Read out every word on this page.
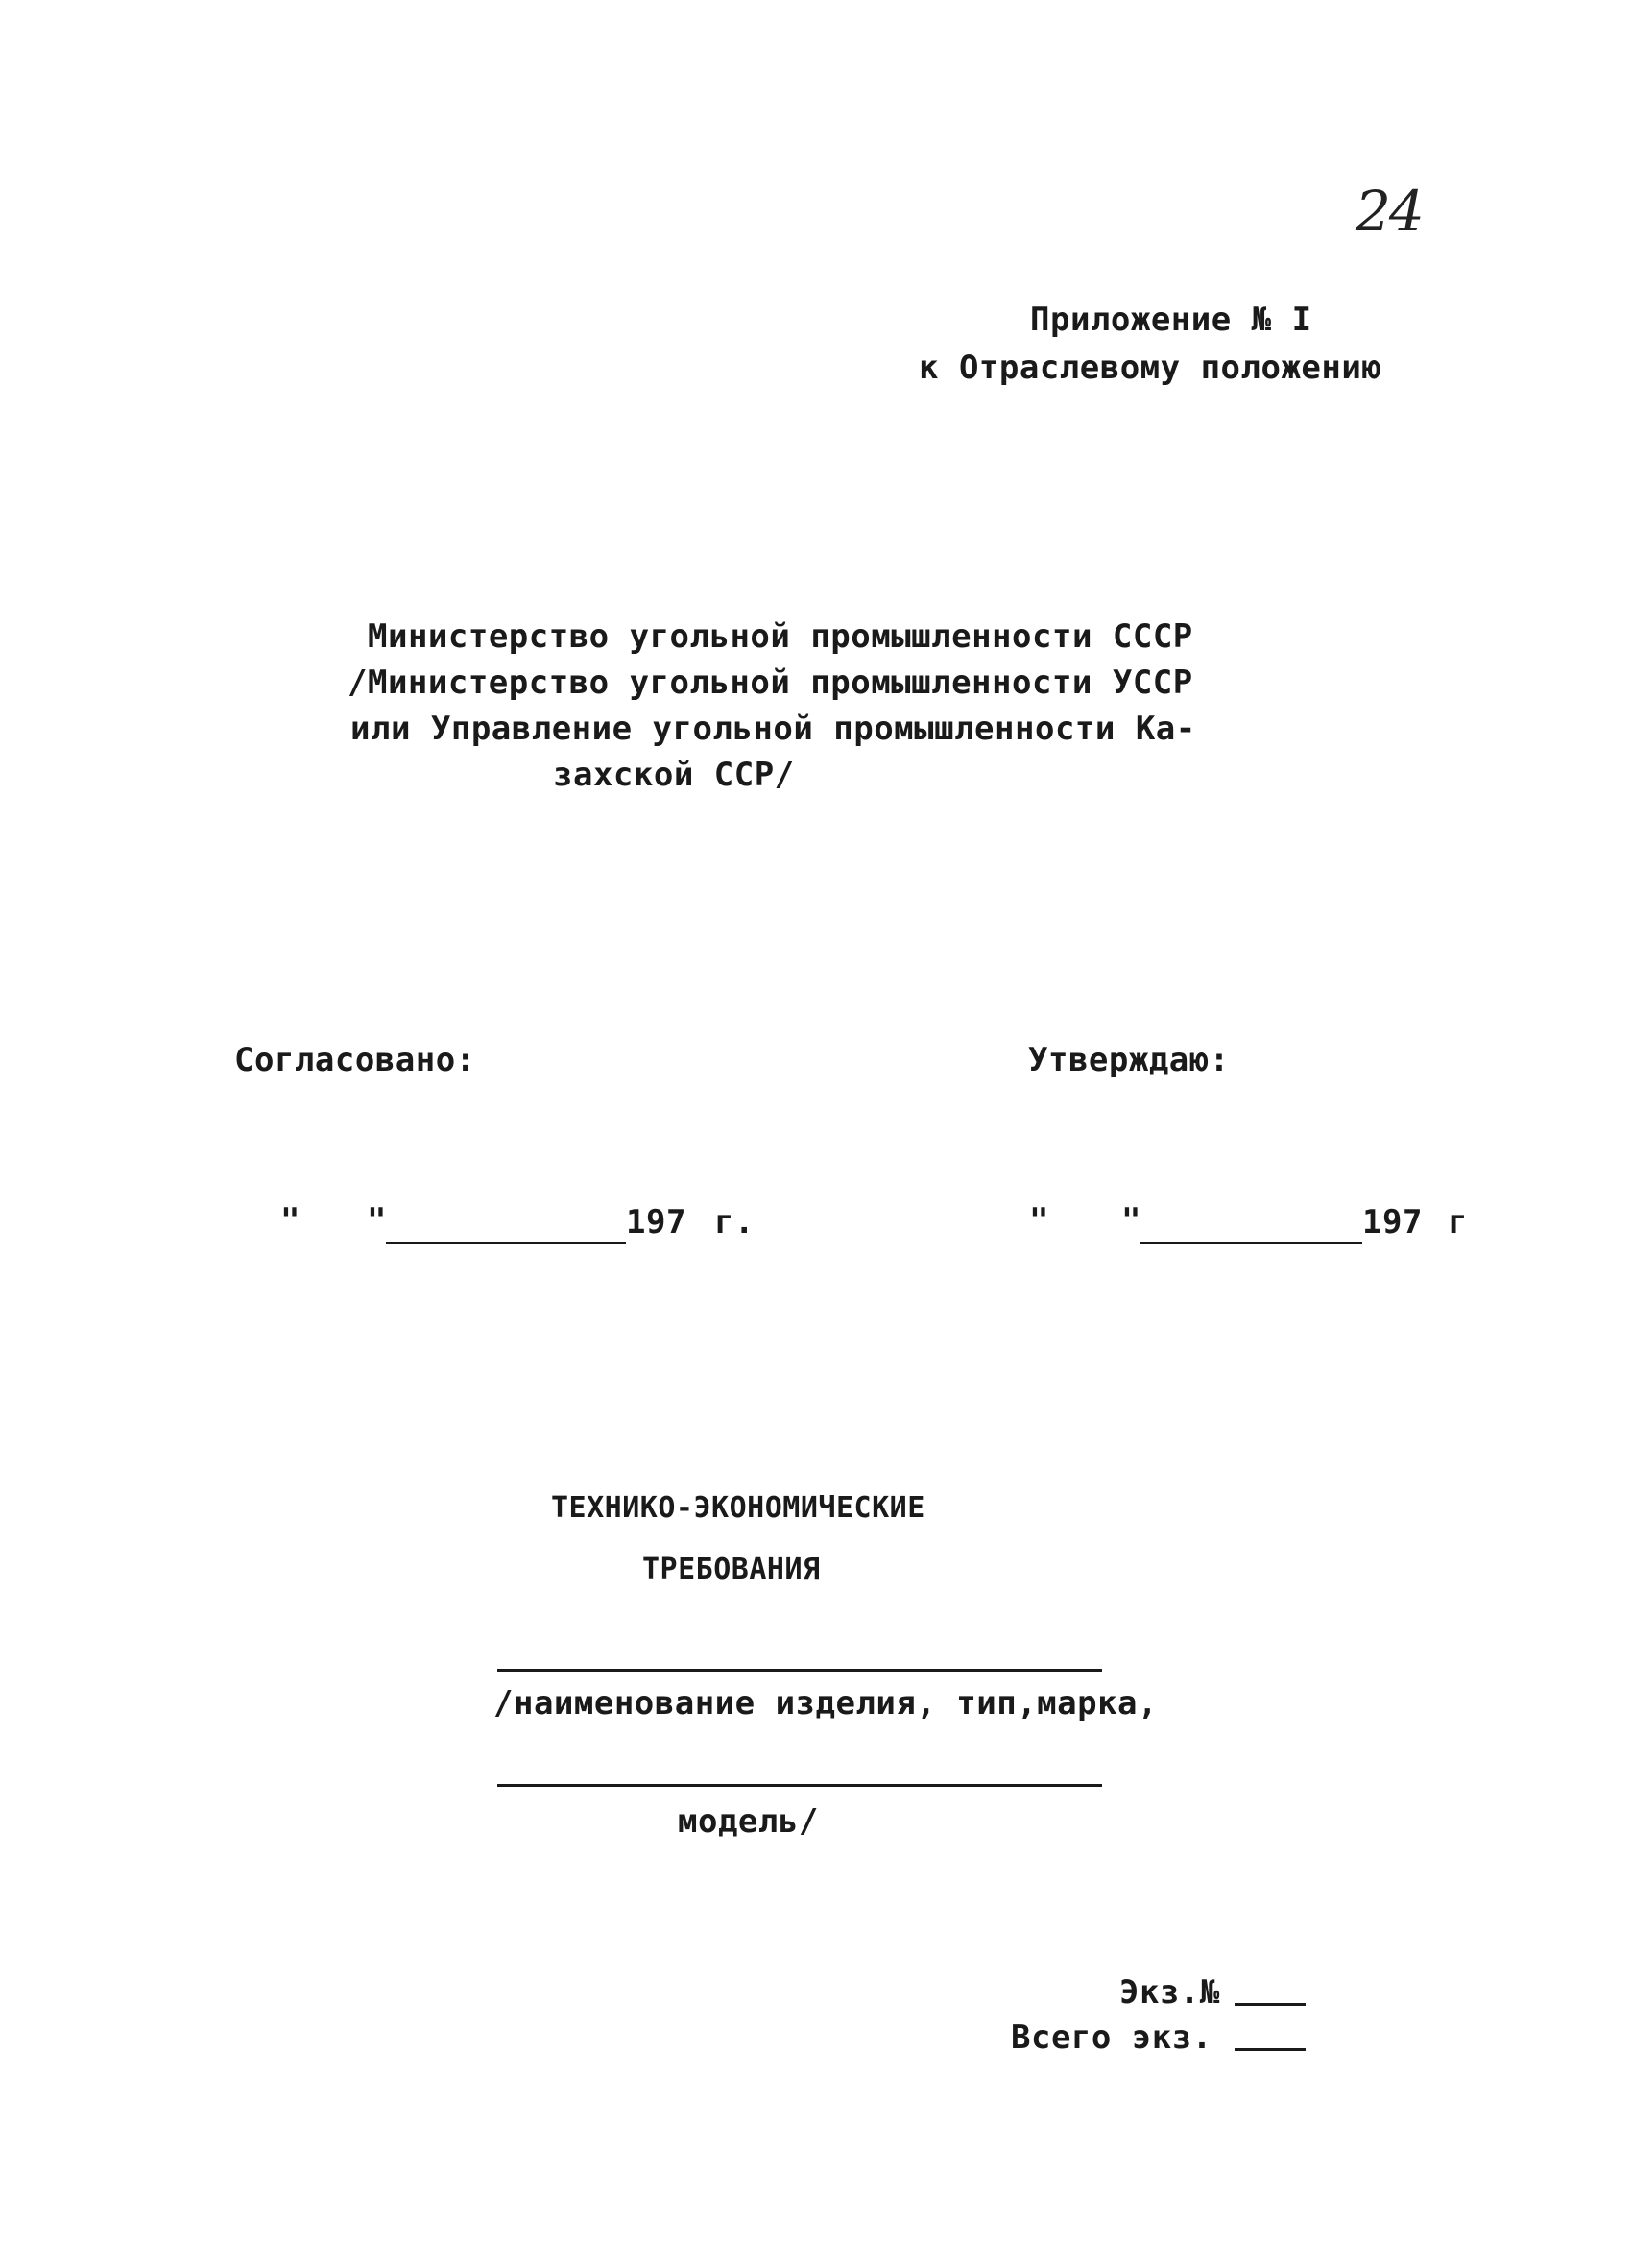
24
Приложение № I
к Отраслевому положению
Министерство угольной промышленности СССР
/Министерство угольной промышленности УССР
или Управление угольной промышленности Ка-
захской ССР/
Согласовано:	Утверждаю:
" "	197 г.	" "	197 г
ТЕХНИКО-ЭКОНОМИЧЕСКИЕ
ТРЕБОВАНИЯ
/наименование изделия, тип,марка,
модель/
Экз.№
Всего экз.
